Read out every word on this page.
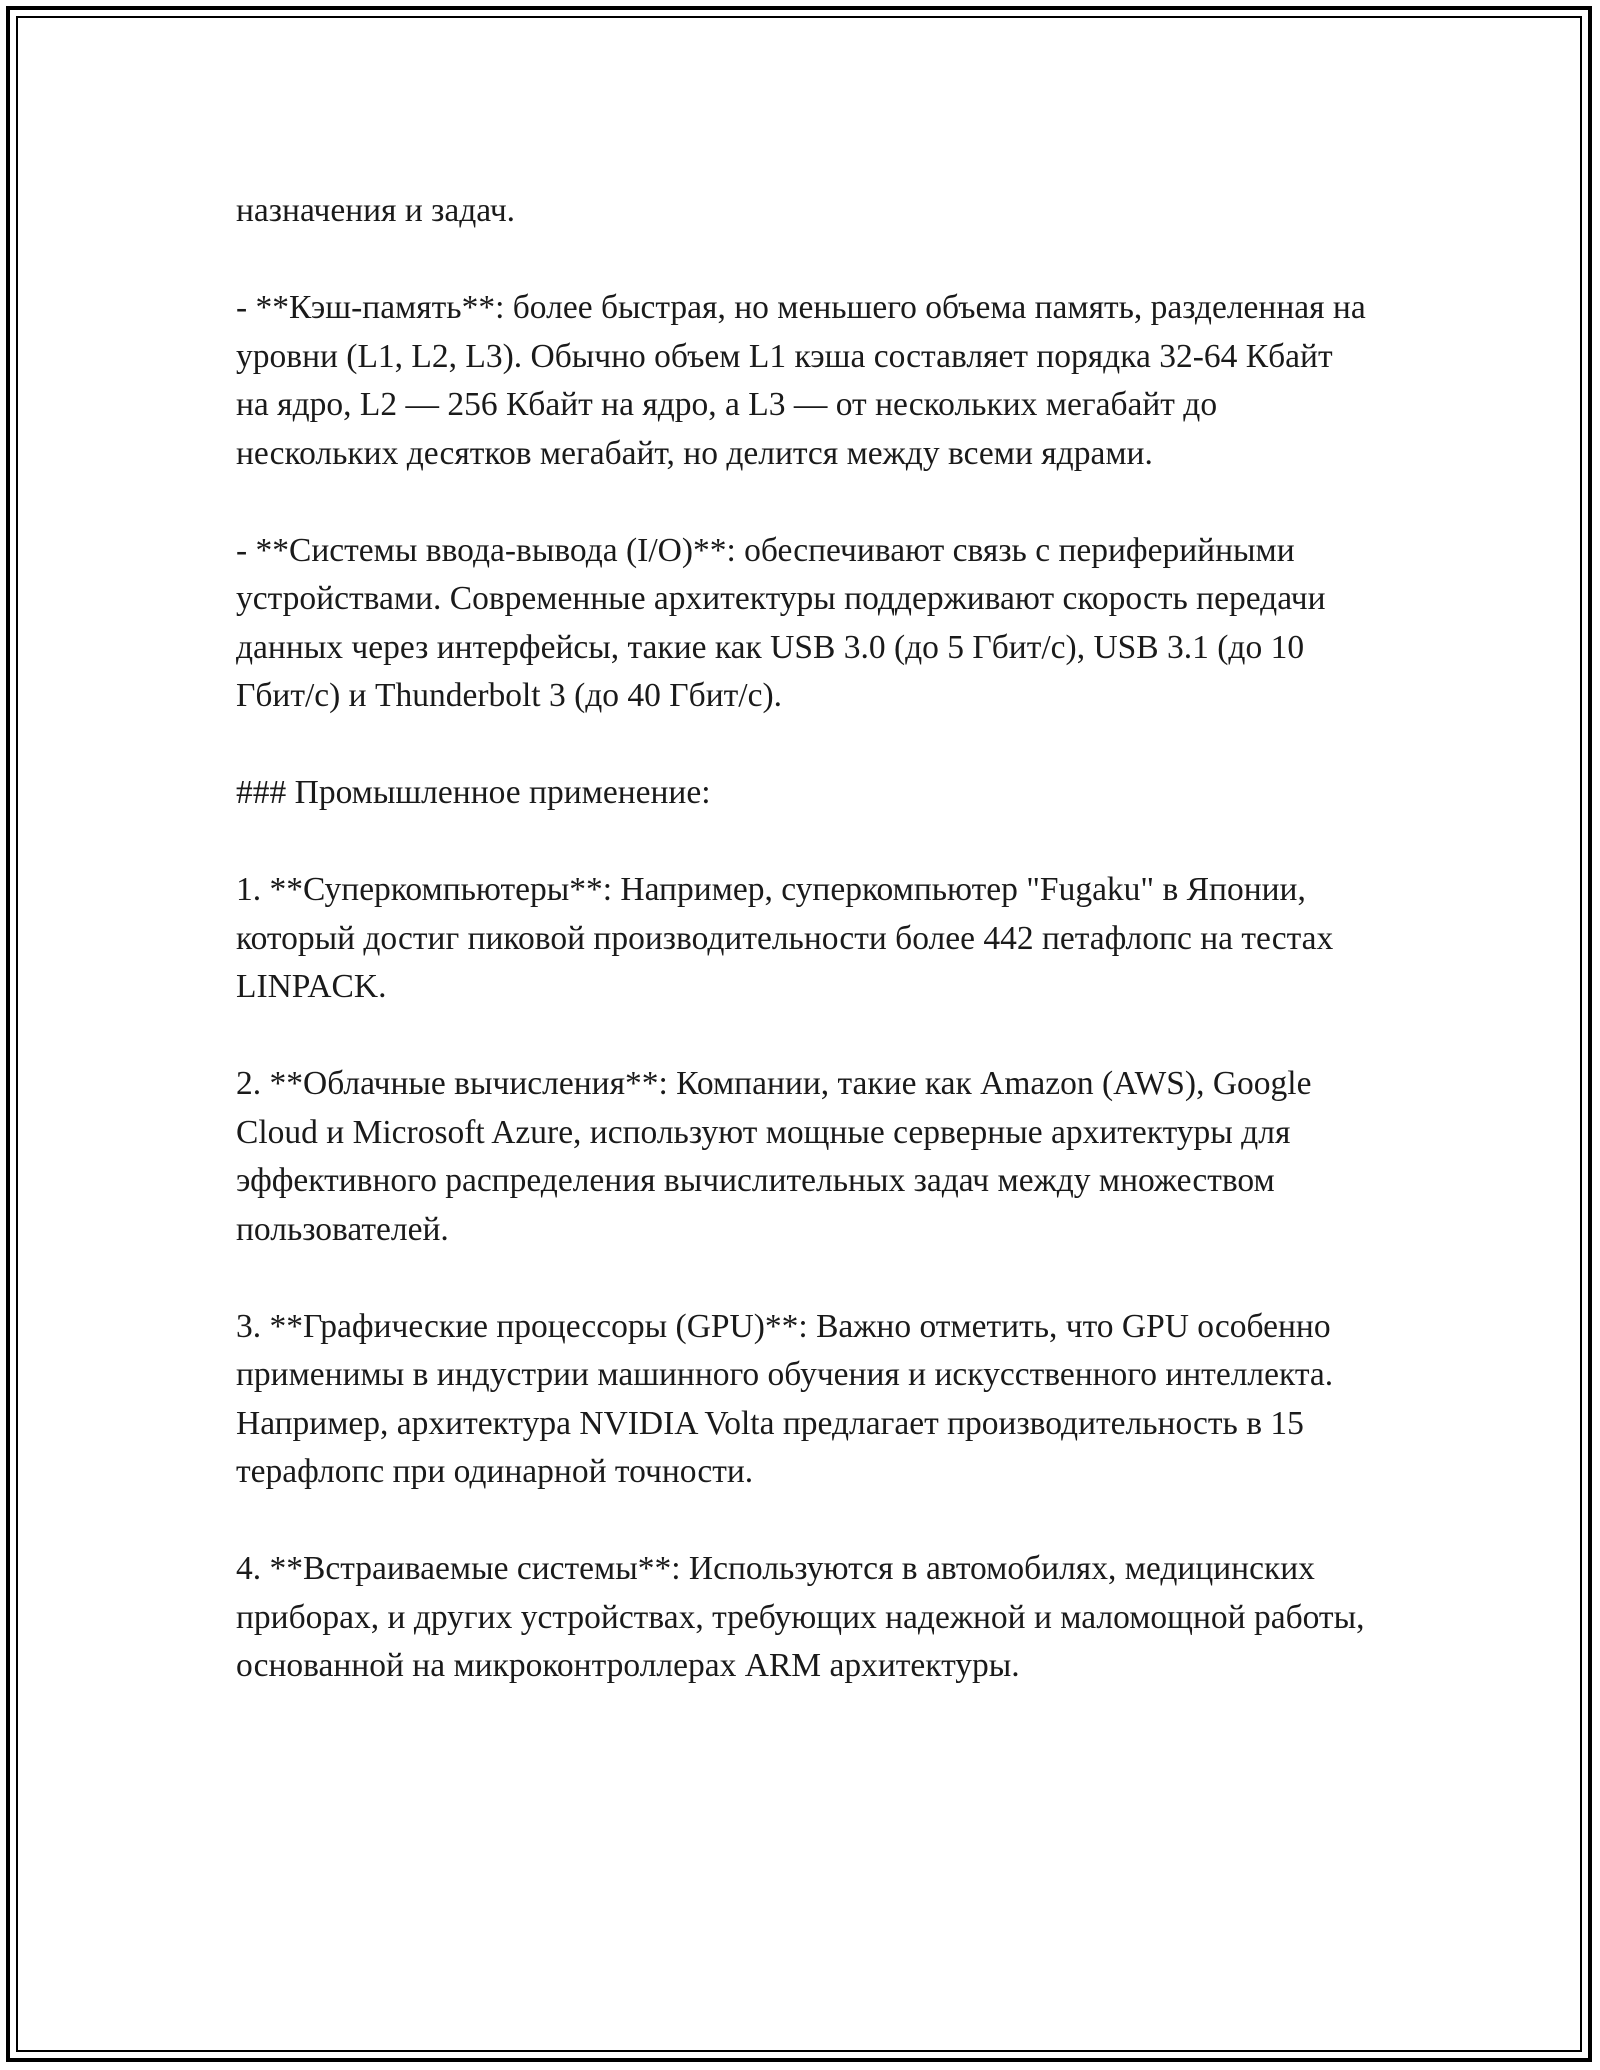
назначения и задач.

- **Кэш-память**: более быстрая, но меньшего объема память, разделенная на уровни (L1, L2, L3). Обычно объем L1 кэша составляет порядка 32-64 Кбайт на ядро, L2 — 256 Кбайт на ядро, а L3 — от нескольких мегабайт до нескольких десятков мегабайт, но делится между всеми ядрами.

- **Системы ввода-вывода (I/O)**: обеспечивают связь с периферийными устройствами. Современные архитектуры поддерживают скорость передачи данных через интерфейсы, такие как USB 3.0 (до 5 Гбит/с), USB 3.1 (до 10 Гбит/с) и Thunderbolt 3 (до 40 Гбит/с).

### Промышленное применение:

1. **Суперкомпьютеры**: Например, суперкомпьютер "Fugaku" в Японии, который достиг пиковой производительности более 442 петафлопс на тестах LINPACK.

2. **Облачные вычисления**: Компании, такие как Amazon (AWS), Google Cloud и Microsoft Azure, используют мощные серверные архитектуры для эффективного распределения вычислительных задач между множеством пользователей.

3. **Графические процессоры (GPU)**: Важно отметить, что GPU особенно применимы в индустрии машинного обучения и искусственного интеллекта. Например, архитектура NVIDIA Volta предлагает производительность в 15 терафлопс при одинарной точности.

4. **Встраиваемые системы**: Используются в автомобилях, медицинских приборах, и других устройствах, требующих надежной и маломощной работы, основанной на микроконтроллерах ARM архитектуры.
